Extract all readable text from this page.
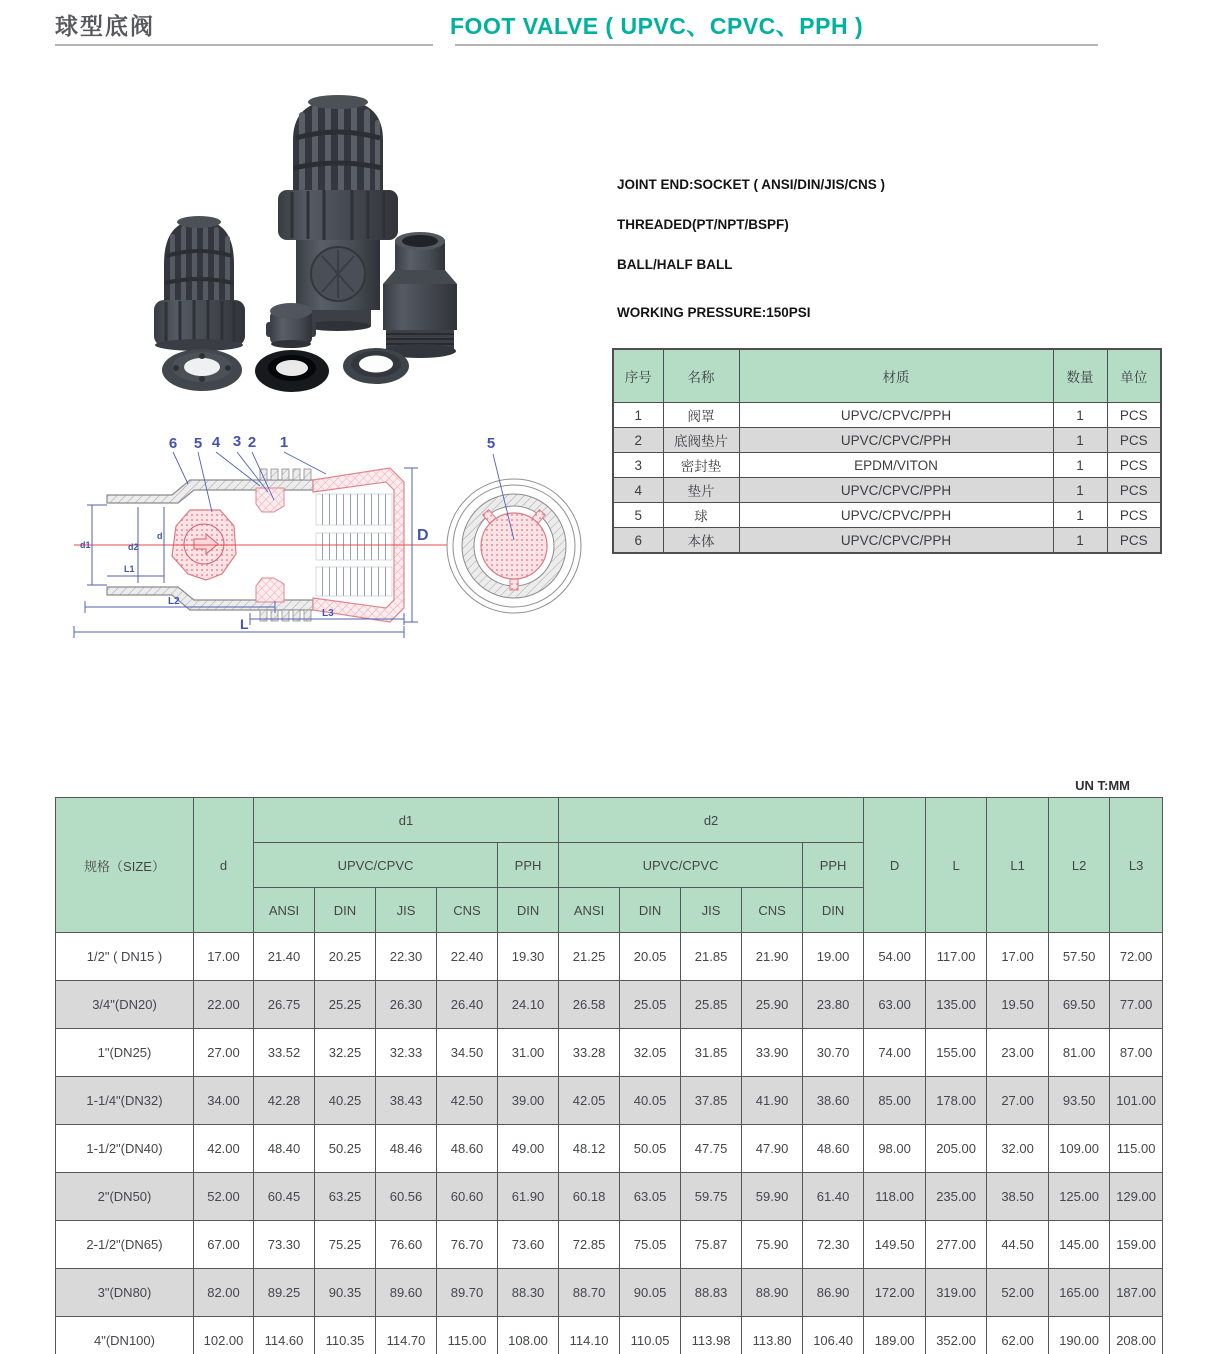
球型底阀	FOOT VALVE ( UPVC、CPVC、PPH )
JOINT END:SOCKET ( ANSI/DIN/JIS/CNS )
THREADED(PT/NPT/BSPF)
BALL/HALF BALL
WORKING PRESSURE:150PSI
序号	名称	材质	数量	单位
1	阀罩	UPVC/CPVC/PPH	1	PCS
2	底阀垫片	UPVC/CPVC/PPH	1	PCS
3	密封垫	EPDM/VITON	1	PCS
4	垫片	UPVC/CPVC/PPH	1	PCS
5	球	UPVC/CPVC/PPH	1	PCS
6	本体	UPVC/CPVC/PPH	1	PCS
d1	d2
d
L1
L2
L3
L
D
6 5 4 3 2 1	5
UN T:MM
规格（SIZE）	d	d1					d2					D	L	L1	L2	L3
		UPVC/CPVC				PPH	UPVC/CPVC				PPH					
		ANSI	DIN	JIS	CNS	DIN	ANSI	DIN	JIS	CNS	DIN					
1/2" ( DN15 )	17.00	21.40	20.25	22.30	22.40	19.30	21.25	20.05	21.85	21.90	19.00	54.00	117.00	17.00	57.50	72.00
3/4"(DN20)	22.00	26.75	25.25	26.30	26.40	24.10	26.58	25.05	25.85	25.90	23.80	63.00	135.00	19.50	69.50	77.00
1"(DN25)	27.00	33.52	32.25	32.33	34.50	31.00	33.28	32.05	31.85	33.90	30.70	74.00	155.00	23.00	81.00	87.00
1-1/4"(DN32)	34.00	42.28	40.25	38.43	42.50	39.00	42.05	40.05	37.85	41.90	38.60	85.00	178.00	27.00	93.50	101.00
1-1/2"(DN40)	42.00	48.40	50.25	48.46	48.60	49.00	48.12	50.05	47.75	47.90	48.60	98.00	205.00	32.00	109.00	115.00
2"(DN50)	52.00	60.45	63.25	60.56	60.60	61.90	60.18	63.05	59.75	59.90	61.40	118.00	235.00	38.50	125.00	129.00
2-1/2"(DN65)	67.00	73.30	75.25	76.60	76.70	73.60	72.85	75.05	75.87	75.90	72.30	149.50	277.00	44.50	145.00	159.00
3"(DN80)	82.00	89.25	90.35	89.60	89.70	88.30	88.70	90.05	88.83	88.90	86.90	172.00	319.00	52.00	165.00	187.00
4"(DN100)	102.00	114.60	110.35	114.70	115.00	108.00	114.10	110.05	113.98	113.80	106.40	189.00	352.00	62.00	190.00	208.00
